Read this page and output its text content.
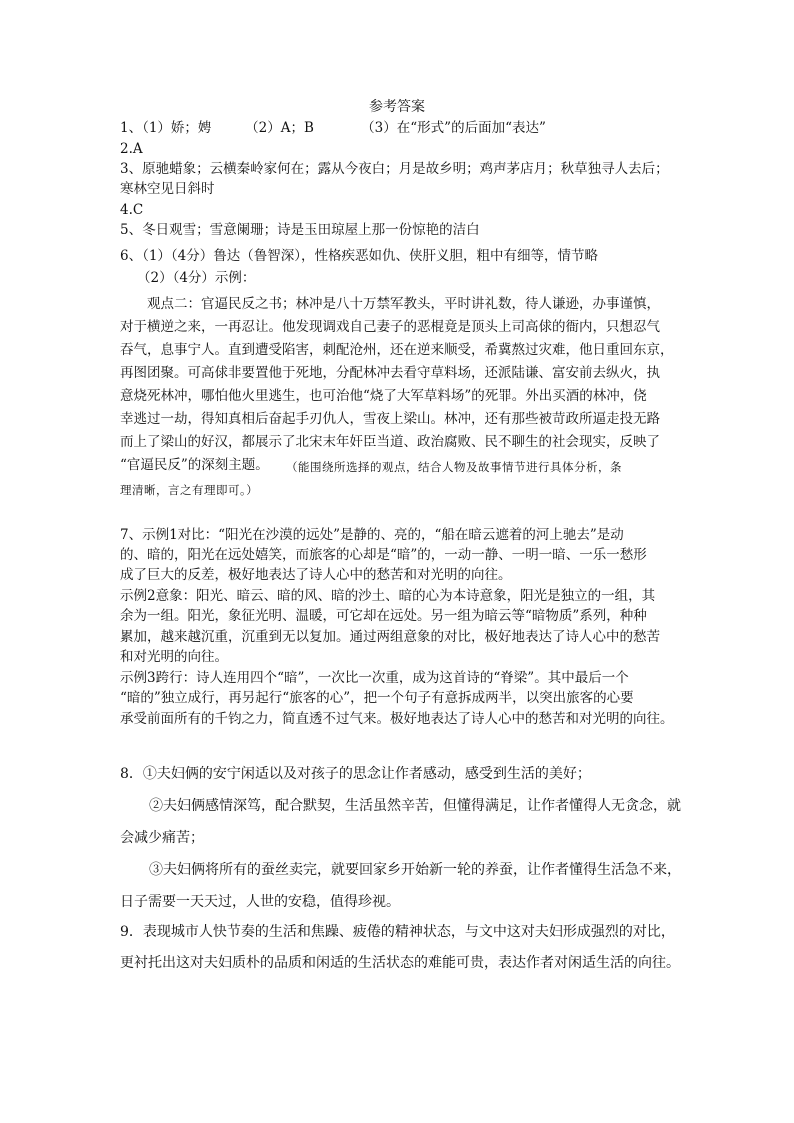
参考答案
1、（1）娇；娉　　　（2）A；B　　　　（3）在“形式”的后面加“表达”
2.A
3、原驰蜡象；云横秦岭家何在；露从今夜白；月是故乡明；鸡声茅店月；秋草独寻人去后；
寒林空见日斜时
4.C
5、冬日观雪；雪意阑珊；诗是玉田琼屋上那一份惊艳的洁白
6、（1）（4分）鲁达（鲁智深），性格疾恶如仇、侠肝义胆，粗中有细等，情节略
（2）（4分）示例：
观点二：官逼民反之书；林冲是八十万禁军教头，平时讲礼数，待人谦逊，办事谨慎，
对于横逆之来，一再忍让。他发现调戏自己妻子的恶棍竟是顶头上司高俅的衙内，只想忍气
吞气，息事宁人。直到遭受陷害，刺配沧州，还在逆来顺受，希冀熬过灾难，他日重回东京，
再图团聚。可高俅非要置他于死地，分配林冲去看守草料场，还派陆谦、富安前去纵火，执
意烧死林冲，哪怕他火里逃生，也可治他“烧了大军草料场”的死罪。外出买酒的林冲，侥
幸逃过一劫，得知真相后奋起手刃仇人，雪夜上梁山。林冲，还有那些被苛政所逼走投无路
而上了梁山的好汉，都展示了北宋末年奸臣当道、政治腐败、民不聊生的社会现实，反映了
“官逼民反”的深刻主题。 （能围绕所选择的观点，结合人物及故事情节进行具体分析，条
理清晰，言之有理即可。）
7、示例1对比：“阳光在沙漠的远处”是静的、亮的，“船在暗云遮着的河上驰去”是动
的、暗的，阳光在远处嬉笑，而旅客的心却是“暗”的，一动一静、一明一暗、一乐一愁形
成了巨大的反差，极好地表达了诗人心中的愁苦和对光明的向往。
示例2意象：阳光、暗云、暗的风、暗的沙土、暗的心为本诗意象，阳光是独立的一组，其
余为一组。阳光，象征光明、温暖，可它却在远处。另一组为暗云等“暗物质”系列，种种
累加，越来越沉重，沉重到无以复加。通过两组意象的对比，极好地表达了诗人心中的愁苦
和对光明的向往。
示例3跨行：诗人连用四个“暗”，一次比一次重，成为这首诗的“脊梁”。其中最后一个
“暗的”独立成行，再另起行“旅客的心”，把一个句子有意拆成两半，以突出旅客的心要
承受前面所有的千钧之力，简直透不过气来。极好地表达了诗人心中的愁苦和对光明的向往。
8．①夫妇俩的安宁闲适以及对孩子的思念让作者感动，感受到生活的美好；
②夫妇俩感情深笃，配合默契，生活虽然辛苦，但懂得满足，让作者懂得人无贪念，就
会减少痛苦；
③夫妇俩将所有的蚕丝卖完，就要回家乡开始新一轮的养蚕，让作者懂得生活急不来，
日子需要一天天过，人世的安稳，值得珍视。
9．表现城市人快节奏的生活和焦躁、疲倦的精神状态，与文中这对夫妇形成强烈的对比，
更衬托出这对夫妇质朴的品质和闲适的生活状态的难能可贵，表达作者对闲适生活的向往。
